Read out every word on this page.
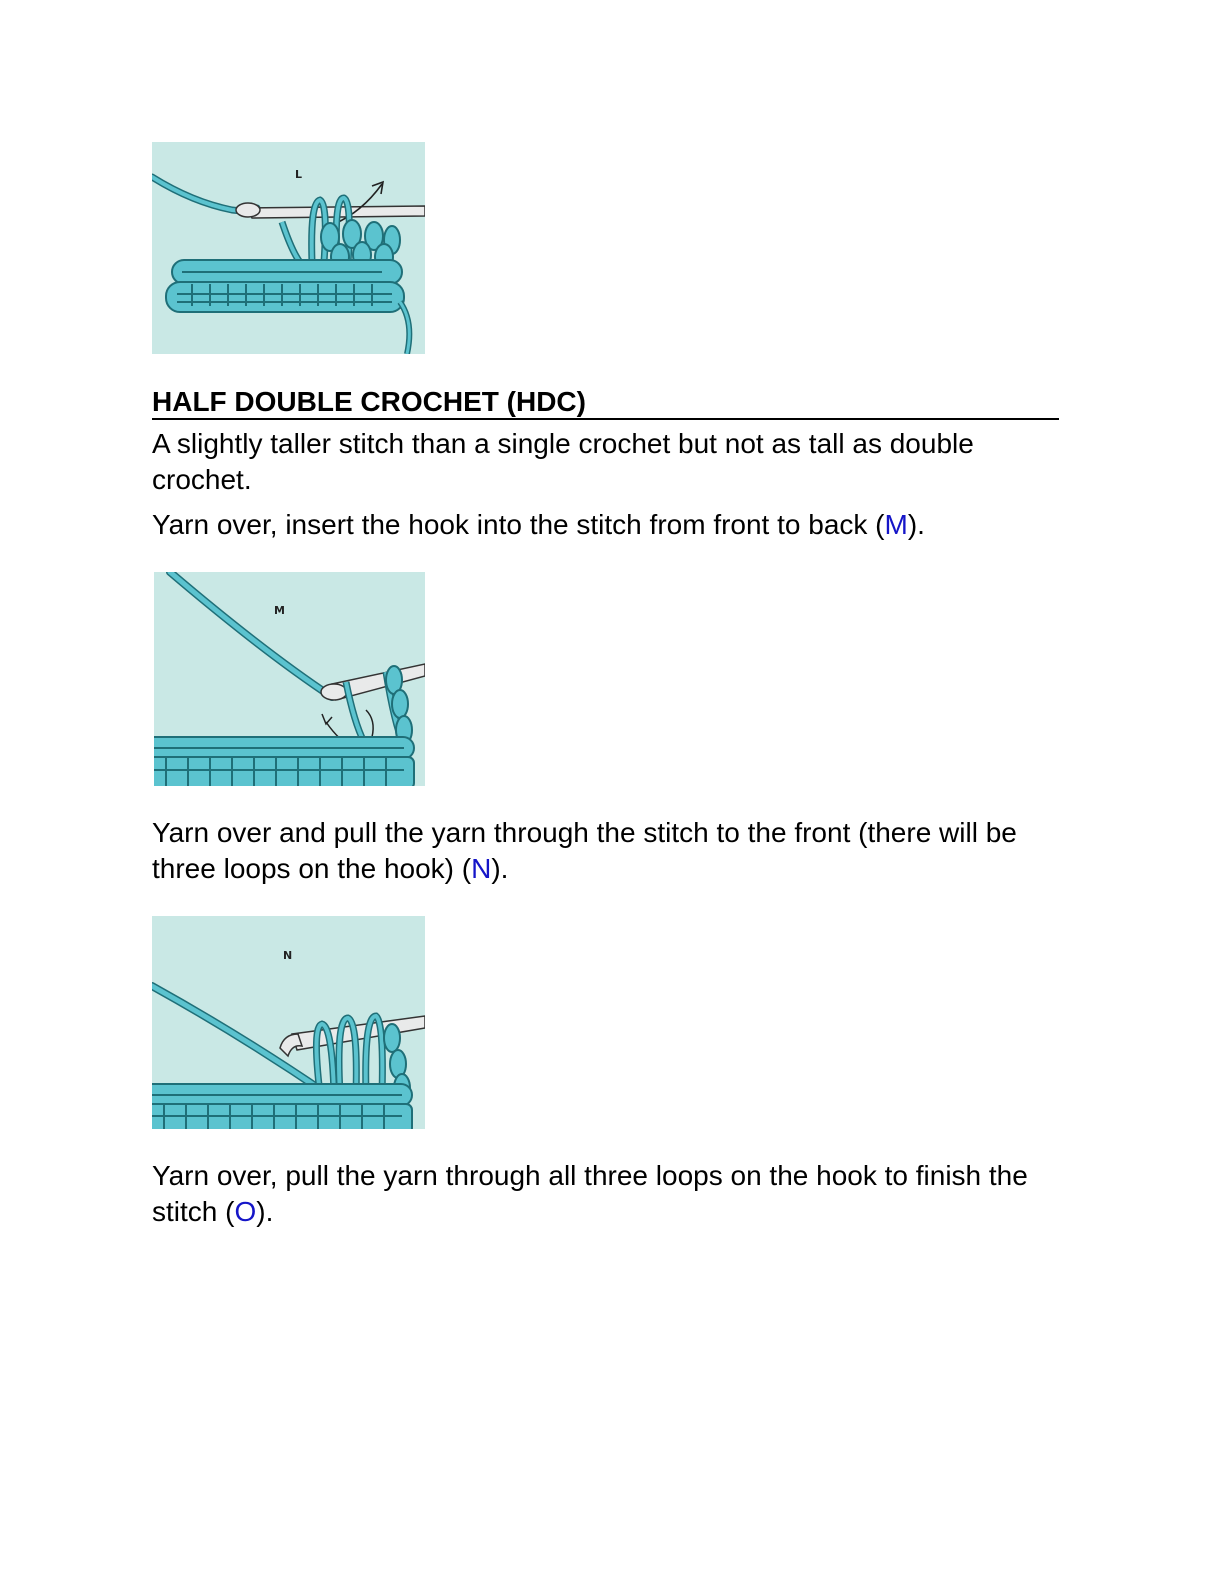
L
HALF DOUBLE CROCHET (HDC)

A slightly taller stitch than a single crochet but not as tall as double crochet.

Yarn over, insert the hook into the stitch from front to back (M).

M

Yarn over and pull the yarn through the stitch to the front (there will be three loops on the hook) (N).

N

Yarn over, pull the yarn through all three loops on the hook to finish the stitch (O).
